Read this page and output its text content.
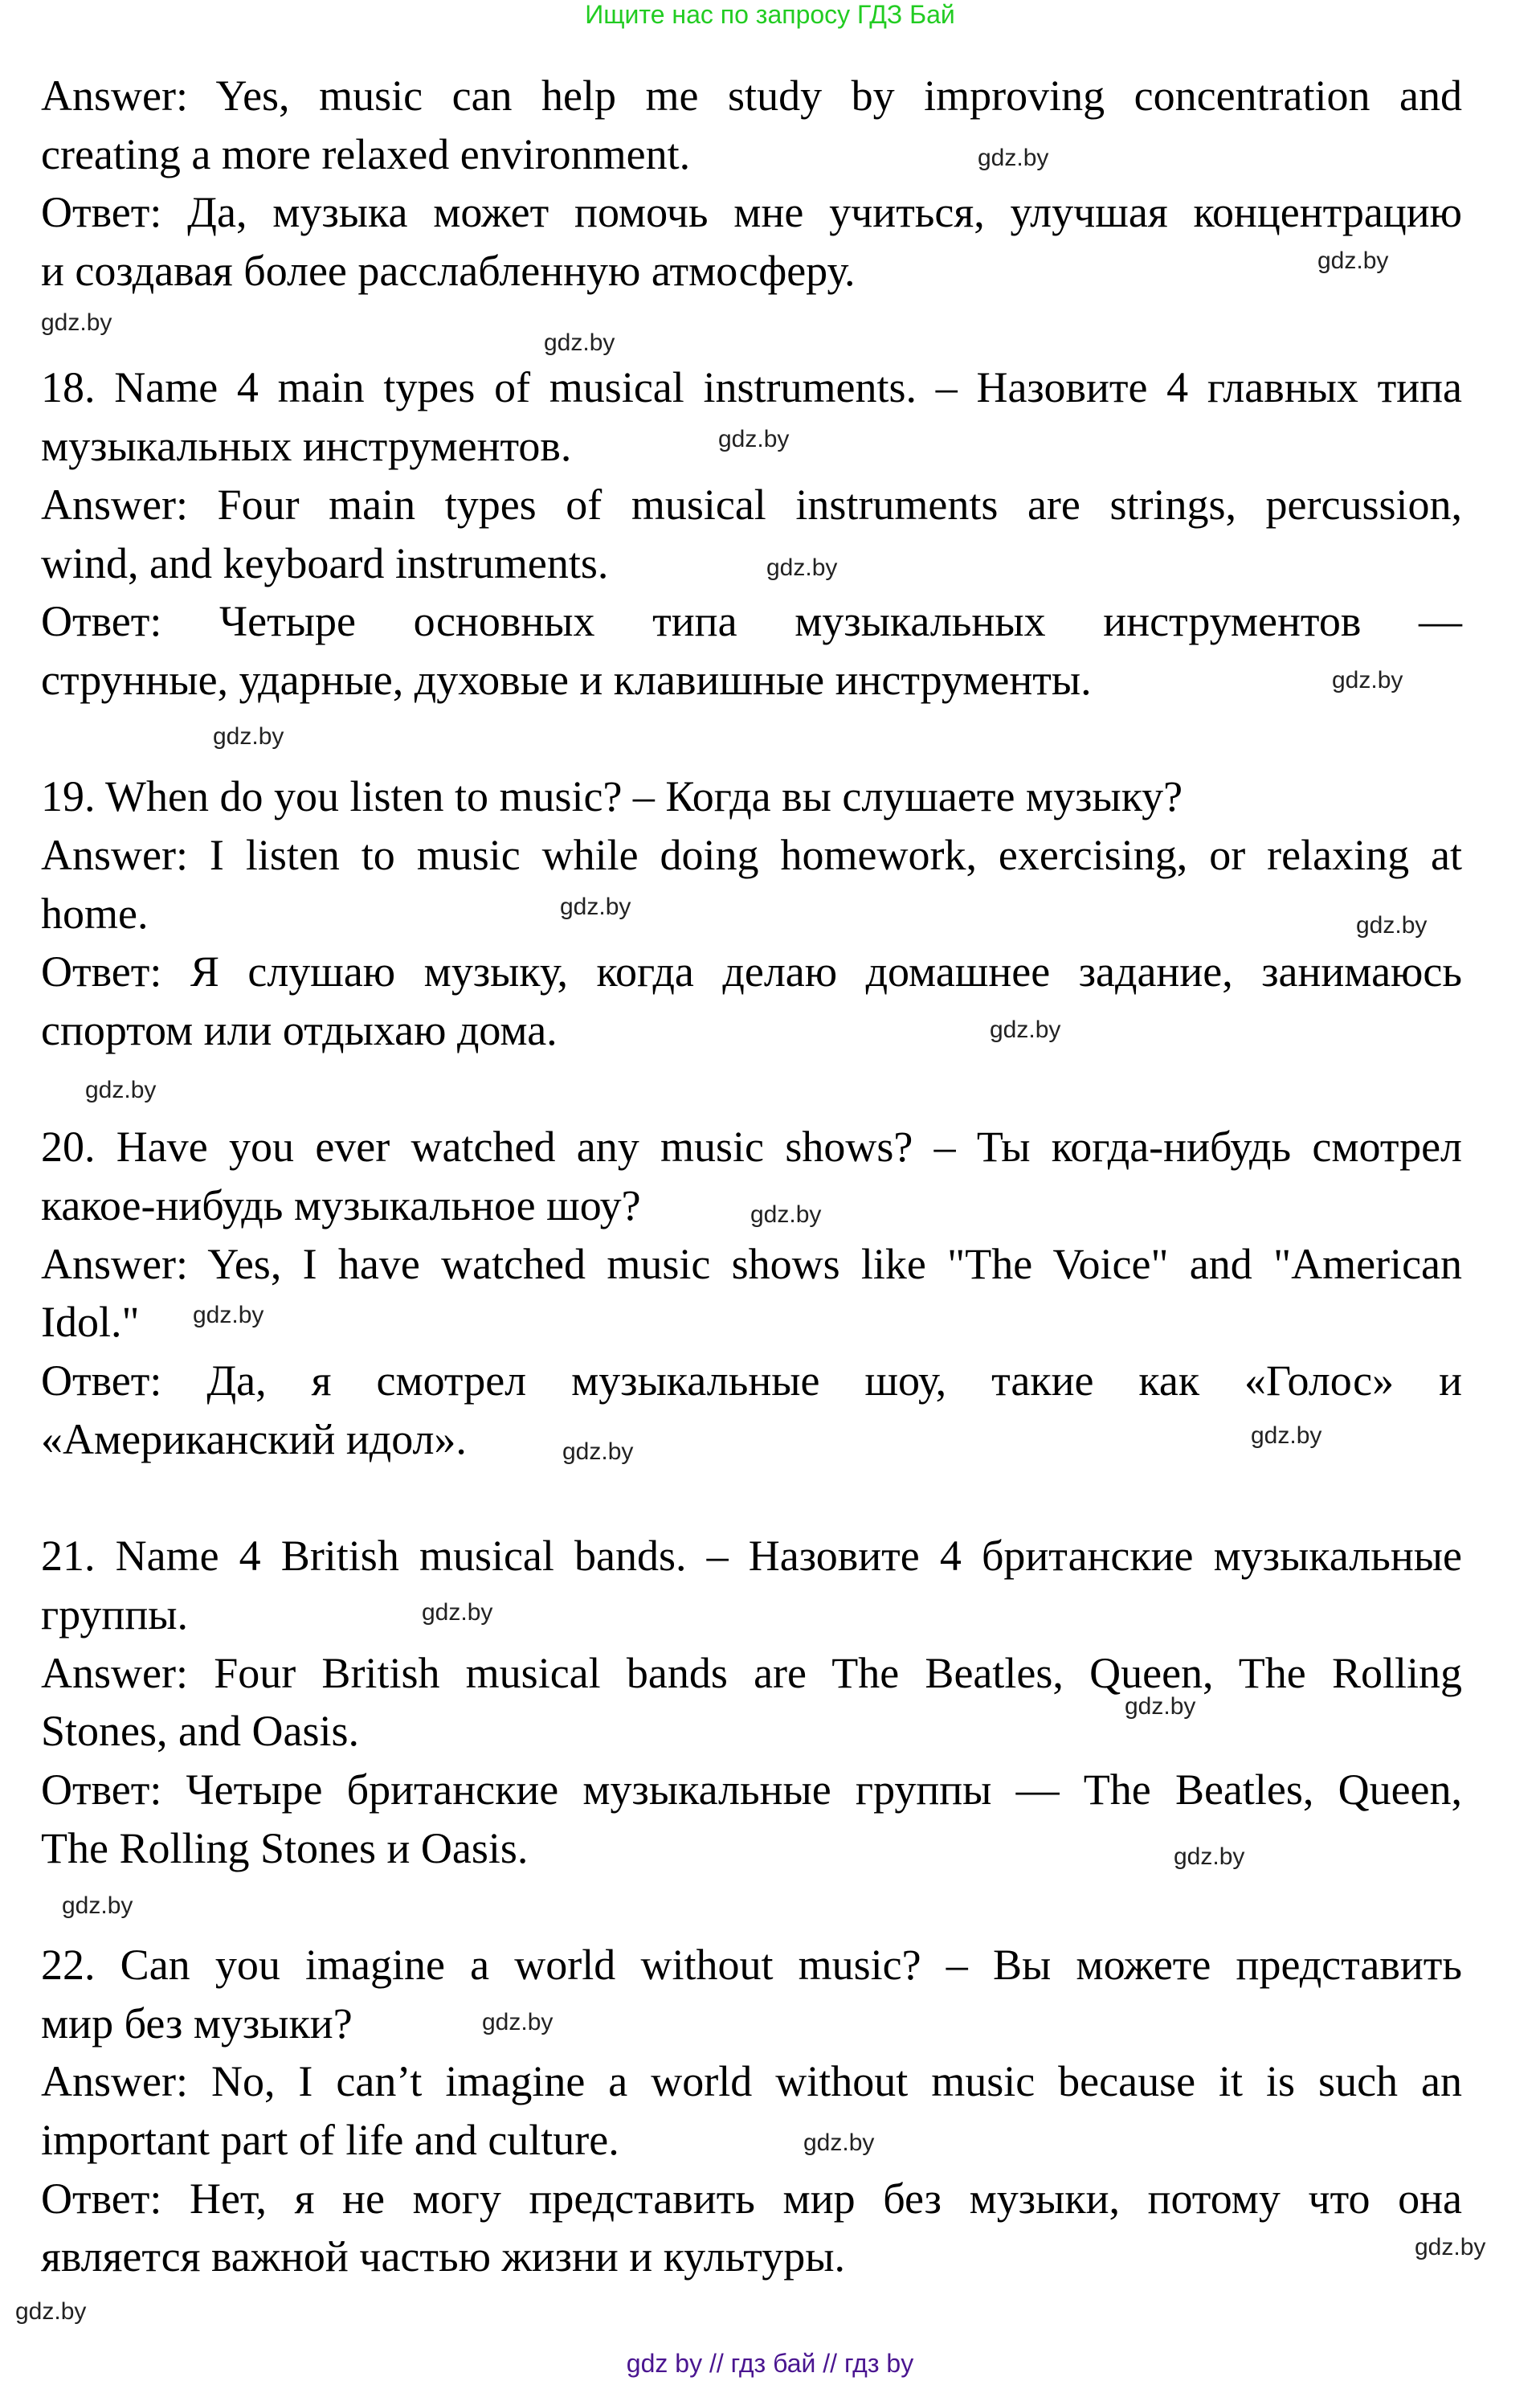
Ищите нас по запросу ГДЗ Бай
Answer: Yes, music can help me study by improving concentration and
creating a more relaxed environment.
Ответ: Да, музыка может помочь мне учиться, улучшая концентрацию
и создавая более расслабленную атмосферу.
18. Name 4 main types of musical instruments. – Назовите 4 главных типа
музыкальных инструментов.
Answer: Four main types of musical instruments are strings, percussion,
wind, and keyboard instruments.
Ответ: Четыре основных типа музыкальных инструментов —
струнные, ударные, духовые и клавишные инструменты.
19. When do you listen to music? – Когда вы слушаете музыку?
Answer: I listen to music while doing homework, exercising, or relaxing at
home.
Ответ: Я слушаю музыку, когда делаю домашнее задание, занимаюсь
спортом или отдыхаю дома.
20. Have you ever watched any music shows? – Ты когда-нибудь смотрел
какое-нибудь музыкальное шоу?
Answer: Yes, I have watched music shows like "The Voice" and "American
Idol."
Ответ: Да, я смотрел музыкальные шоу, такие как «Голос» и
«Американский идол».
21. Name 4 British musical bands. – Назовите 4 британские музыкальные
группы.
Answer: Four British musical bands are The Beatles, Queen, The Rolling
Stones, and Oasis.
Ответ: Четыре британские музыкальные группы — The Beatles, Queen,
The Rolling Stones и Oasis.
22. Can you imagine a world without music? – Вы можете представить
мир без музыки?
Answer: No, I can’t imagine a world without music because it is such an
important part of life and culture.
Ответ: Нет, я не могу представить мир без музыки, потому что она
является важной частью жизни и культуры.
gdz.by
gdz.by
gdz.by
gdz.by
gdz.by
gdz.by
gdz.by
gdz.by
gdz.by
gdz.by
gdz.by
gdz.by
gdz.by
gdz.by
gdz.by
gdz.by
gdz.by
gdz.by
gdz.by
gdz.by
gdz.by
gdz.by
gdz.by
gdz.by
gdz by // гдз бай // гдз by
